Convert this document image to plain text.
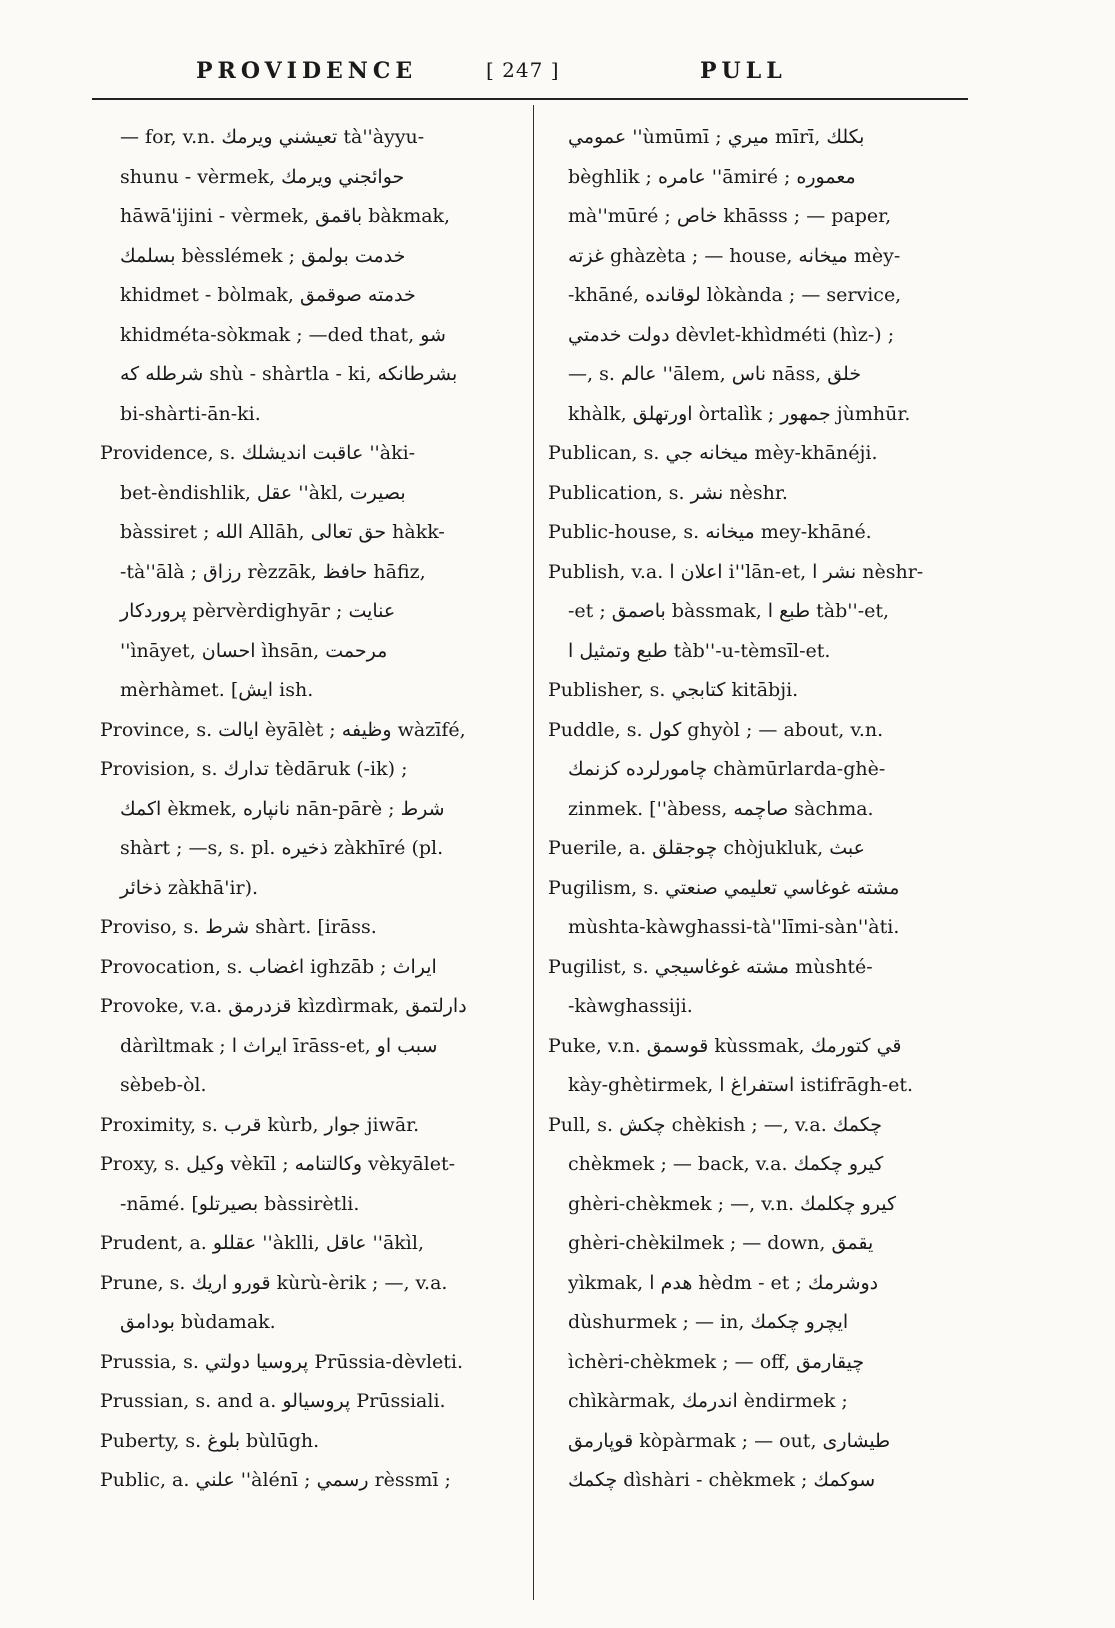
PROVIDENCE	[ 247 ]	PULL
— for, v.n. تعيشني ويرمك tà''àyyu-
shunu - vèrmek, حوائجني ويرمك
hāwā'ijini - vèrmek, باقمق bàkmak,
بسلمك bèsslémek ; خدمت بولمق
khidmet - bòlmak, خدمته صوقمق
khidméta-sòkmak ; —ded that, شو
شرطله كه shù - shàrtla - ki, بشرطانكه
bi-shàrti-ān-ki.
Providence, s. عاقبت انديشلك ''àki-
bet-èndishlik, عقل ''àkl, بصيرت
bàssiret ; الله Allāh, حق تعالى hàkk-
-tà''ālà ; رزاق rèzzāk, حافظ hāfiz,
پروردكار pèrvèrdighyār ; عنايت
''ìnāyet, احسان ìhsān, مرحمت
mèrhàmet. [ايش ish.
Province, s. ايالت èyālèt ; وظيفه wàzīfé,
Provision, s. تدارك tèdāruk (-ik) ;
اكمك èkmek, نانپاره nān-pārè ; شرط
shàrt ; —s, s. pl. ذخيره zàkhīré (pl.
ذخائر zàkhā'ir).
Proviso, s. شرط shàrt. [irāss.
Provocation, s. اغضاب ighzāb ; ايراث
Provoke, v.a. قزدرمق kìzdìrmak, دارلتمق
dàrìltmak ; ايراث ا īrāss-et, سبب او
sèbeb-òl.
Proximity, s. قرب kùrb, جوار jiwār.
Proxy, s. وكيل vèkīl ; وكالتنامه vèkyālet-
-nāmé. [بصيرتلو bàssirètli.
Prudent, a. عقللو ''àklli, عاقل ''ākìl,
Prune, s. قورو اريك kùrù-èrik ; —, v.a.
بودامق bùdamak.
Prussia, s. پروسيا دولتي Prūssia-dèvleti.
Prussian, s. and a. پروسيالو Prūssiali.
Puberty, s. بلوغ bùlūgh.
Public, a. علني ''àlénī ; رسمي rèssmī ;
عمومي ''ùmūmī ; ميري mīrī, بكلك
bèghlik ; عامره ''āmiré ; معموره
mà''mūré ; خاص khāsss ; — paper,
غزته ghàzèta ; — house, ميخانه mèy-
-khāné, لوقانده lòkànda ; — service,
دولت خدمتي dèvlet-khìdméti (hìz-) ;
—, s. عالم ''ālem, ناس nāss, خلق
khàlk, اورتهلق òrtalìk ; جمهور jùmhūr.
Publican, s. ميخانه جي mèy-khānéji.
Publication, s. نشر nèshr.
Public-house, s. ميخانه mey-khāné.
Publish, v.a. اعلان ا i''lān-et, نشر ا nèshr-
-et ; باصمق bàssmak, طبع ا tàb''-et,
طبع وتمثيل ا tàb''-u-tèmsīl-et.
Publisher, s. كتابجي kitābji.
Puddle, s. كول ghyòl ; — about, v.n.
چامورلرده كزنمك chàmūrlarda-ghè-
zinmek. [''àbess, صاچمه sàchma.
Puerile, a. چوجقلق chòjukluk, عبث
Pugilism, s. مشته غوغاسي تعليمي صنعتي
mùshta-kàwghassi-tà''līmi-sàn''àti.
Pugilist, s. مشته غوغاسيجي mùshté-
-kàwghassiji.
Puke, v.n. قوسمق kùssmak, قي كتورمك
kày-ghètirmek, استفراغ ا istifrāgh-et.
Pull, s. چكش chèkish ; —, v.a. چكمك
chèkmek ; — back, v.a. كيرو چكمك
ghèri-chèkmek ; —, v.n. كيرو چكلمك
ghèri-chèkilmek ; — down, يقمق
yìkmak, هدم ا hèdm - et ; دوشرمك
dùshurmek ; — in, ايچرو چكمك
ìchèri-chèkmek ; — off, چيقارمق
chìkàrmak, اندرمك èndirmek ;
قوپارمق kòpàrmak ; — out, طيشارى
چكمك dìshàri - chèkmek ; سوكمك
